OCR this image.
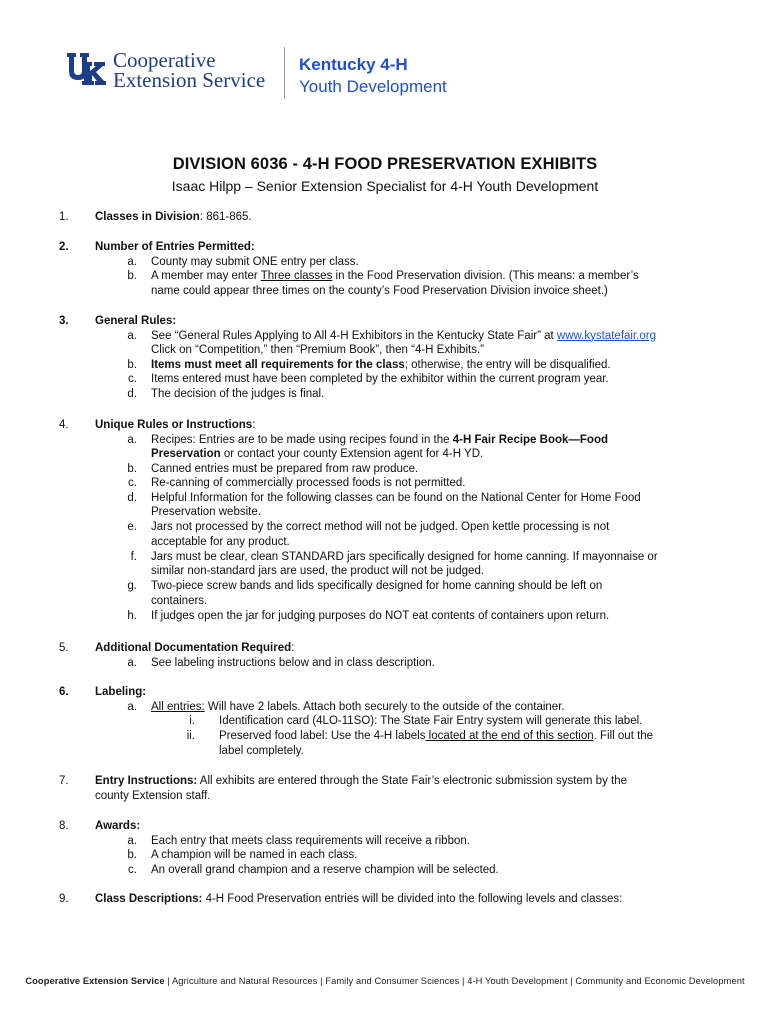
Cooperative
Extension Service
Kentucky 4-H
Youth Development
DIVISION 6036 - 4-H FOOD PRESERVATION EXHIBITS
Isaac Hilpp – Senior Extension Specialist for 4-H Youth Development
1.	Classes in Division: 861-865.
2.	Number of Entries Permitted:
a. County may submit ONE entry per class.
b. A member may enter Three classes in the Food Preservation division. (This means: a member’s
name could appear three times on the county’s Food Preservation Division invoice sheet.)
3.	General Rules:
a. See “General Rules Applying to All 4-H Exhibitors in the Kentucky State Fair” at www.kystatefair.org
Click on “Competition,” then “Premium Book”, then “4-H Exhibits.”
b. Items must meet all requirements for the class; otherwise, the entry will be disqualified.
c. Items entered must have been completed by the exhibitor within the current program year.
d. The decision of the judges is final.
4.	Unique Rules or Instructions:
a. Recipes: Entries are to be made using recipes found in the 4-H Fair Recipe Book—Food
Preservation or contact your county Extension agent for 4-H YD.
b. Canned entries must be prepared from raw produce.
c. Re-canning of commercially processed foods is not permitted.
d. Helpful Information for the following classes can be found on the National Center for Home Food
Preservation website.
e. Jars not processed by the correct method will not be judged. Open kettle processing is not
acceptable for any product.
f. Jars must be clear, clean STANDARD jars specifically designed for home canning. If mayonnaise or
similar non-standard jars are used, the product will not be judged.
g. Two-piece screw bands and lids specifically designed for home canning should be left on
containers.
h. If judges open the jar for judging purposes do NOT eat contents of containers upon return.
5.	Additional Documentation Required:
a. See labeling instructions below and in class description.
6.	Labeling:
a. All entries: Will have 2 labels. Attach both securely to the outside of the container.
i. Identification card (4LO-11SO): The State Fair Entry system will generate this label.
ii. Preserved food label: Use the 4-H labels located at the end of this section. Fill out the
label completely.
7.	Entry Instructions: All exhibits are entered through the State Fair’s electronic submission system by the
county Extension staff.
8.	Awards:
a. Each entry that meets class requirements will receive a ribbon.
b. A champion will be named in each class.
c. An overall grand champion and a reserve champion will be selected.
9.	Class Descriptions: 4-H Food Preservation entries will be divided into the following levels and classes:
Cooperative Extension Service | Agriculture and Natural Resources | Family and Consumer Sciences | 4-H Youth Development | Community and Economic Development
